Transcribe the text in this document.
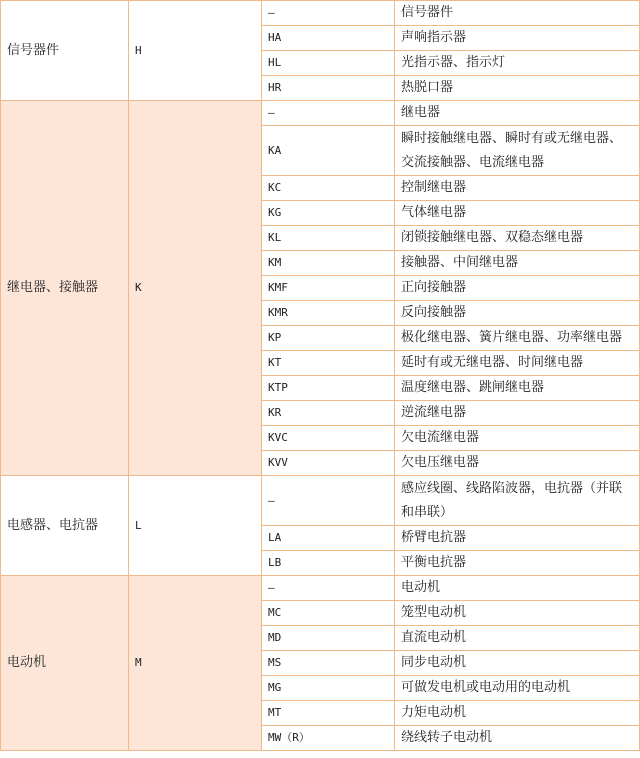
信号器件	H	—	信号器件
		HA	声响指示器
		HL	光指示器、指示灯
		HR	热脱口器
继电器、接触器	K	—	继电器
		KA	瞬时接触继电器、瞬时有或无继电器、交流接触器、电流继电器
		KC	控制继电器
		KG	气体继电器
		KL	闭锁接触继电器、双稳态继电器
		KM	接触器、中间继电器
		KMF	正向接触器
		KMR	反向接触器
		KP	极化继电器、簧片继电器、功率继电器
		KT	延时有或无继电器、时间继电器
		KTP	温度继电器、跳闸继电器
		KR	逆流继电器
		KVC	欠电流继电器
		KVV	欠电压继电器
电感器、电抗器	L	—	感应线圈、线路陷波器，电抗器（并联和串联）
		LA	桥臂电抗器
		LB	平衡电抗器
电动机	M	—	电动机
		MC	笼型电动机
		MD	直流电动机
		MS	同步电动机
		MG	可做发电机或电动用的电动机
		MT	力矩电动机
		MW（R）	绕线转子电动机
